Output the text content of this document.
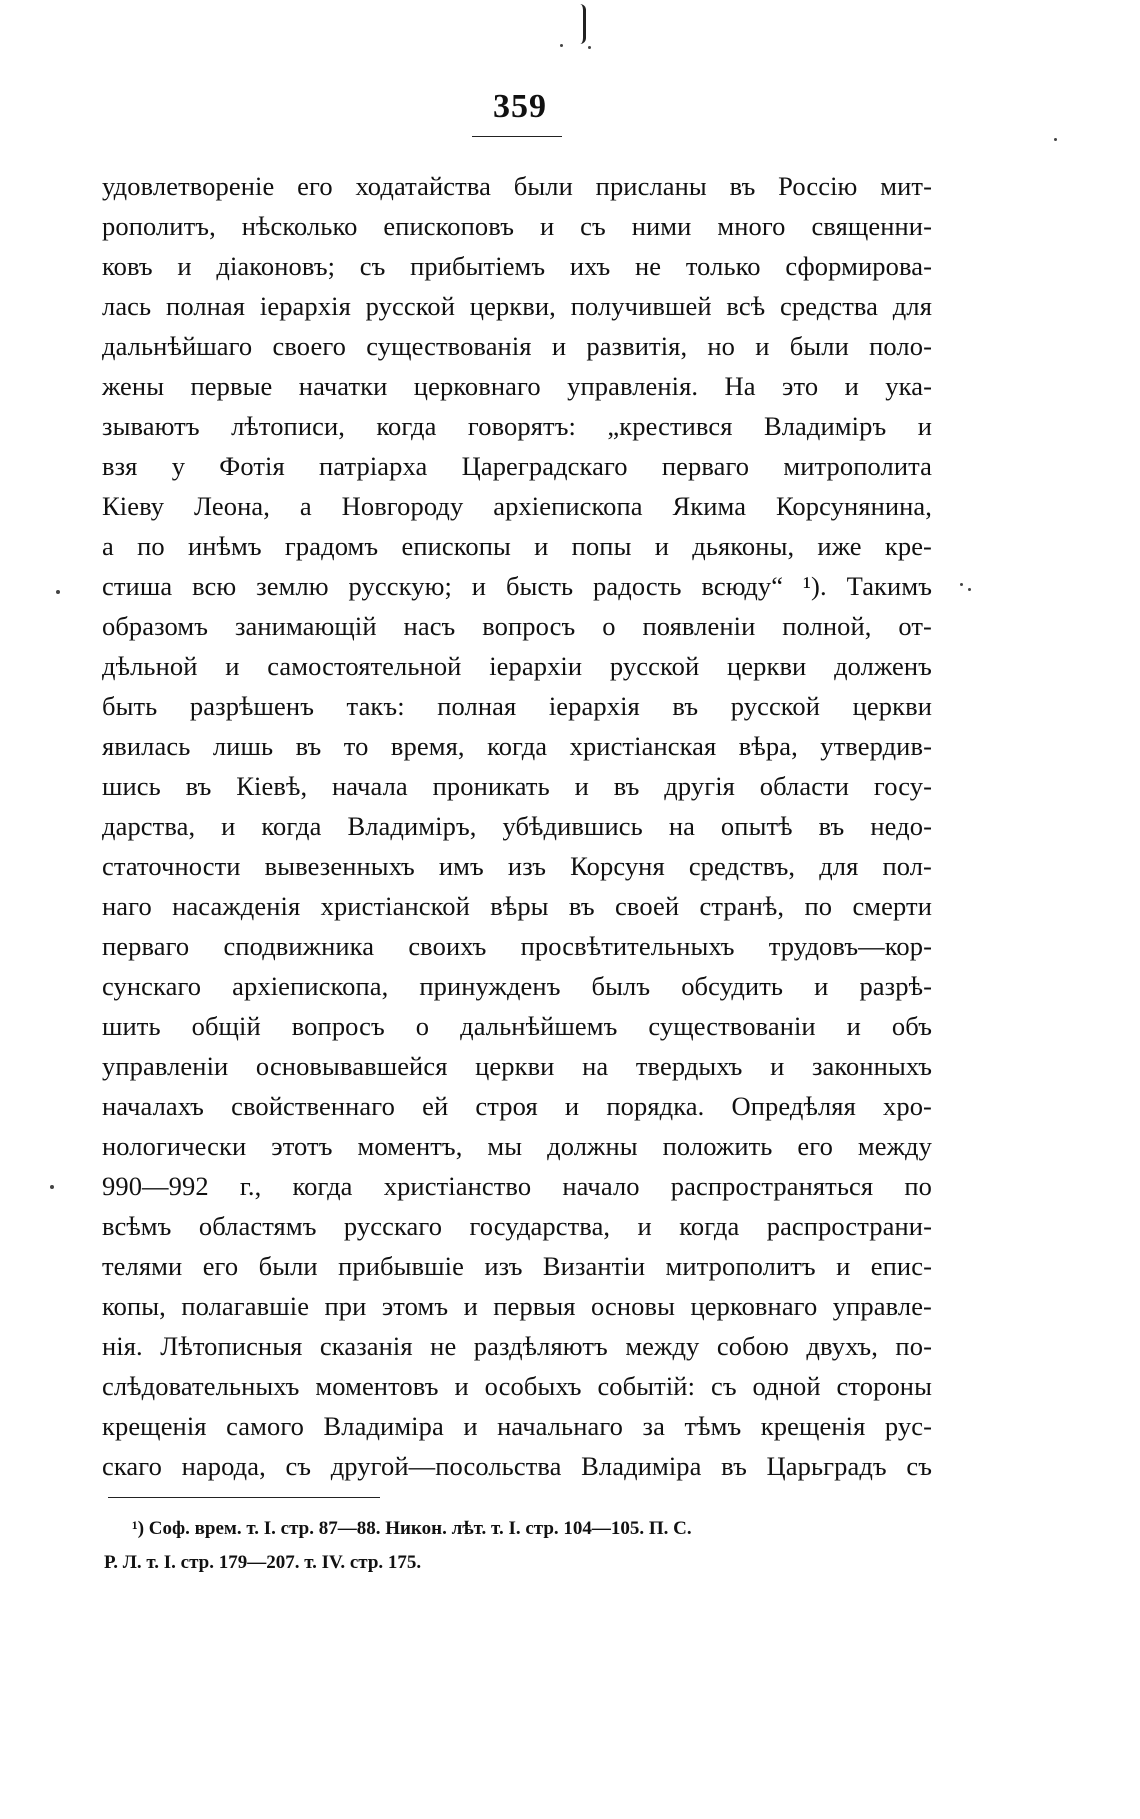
359
удовлетвореніе его ходатайства были присланы въ Россію мит-
рополитъ, нѣсколько епископовъ и съ ними много священни-
ковъ и діаконовъ; съ прибытіемъ ихъ не только сформирова-
лась полная іерархія русской церкви, получившей всѣ средства для
дальнѣйшаго своего существованія и развитія, но и были поло-
жены первые начатки церковнаго управленія. На это и ука-
зываютъ лѣтописи, когда говорятъ: „крестився Владиміръ и
взя у Фотія патріарха Цареградскаго перваго митрополита
Кіеву Леона, а Новгороду архіепископа Якима Корсунянина,
а по инѣмъ градомъ епископы и попы и дьяконы, иже кре-
стиша всю землю русскую; и бысть радость всюду“ ¹). Такимъ
образомъ занимающій насъ вопросъ о появленіи полной, от-
дѣльной и самостоятельной іерархіи русской церкви долженъ
быть разрѣшенъ такъ: полная іерархія въ русской церкви
явилась лишь въ то время, когда христіанская вѣра, утвердив-
шись въ Кіевѣ, начала проникать и въ другія области госу-
дарства, и когда Владиміръ, убѣдившись на опытѣ въ недо-
статочности вывезенныхъ имъ изъ Корсуня средствъ, для пол-
наго насажденія христіанской вѣры въ своей странѣ, по смерти
перваго сподвижника своихъ просвѣтительныхъ трудовъ—кор-
сунскаго архіепископа, принужденъ былъ обсудить и разрѣ-
шить общій вопросъ о дальнѣйшемъ существованіи и объ
управленіи основывавшейся церкви на твердыхъ и законныхъ
началахъ свойственнаго ей строя и порядка. Опредѣляя хро-
нологически этотъ моментъ, мы должны положить его между
990—992 г., когда христіанство начало распространяться по
всѣмъ областямъ русскаго государства, и когда распространи-
телями его были прибывшіе изъ Византіи митрополитъ и епис-
копы, полагавшіе при этомъ и первыя основы церковнаго управле-
нія. Лѣтописныя сказанія не раздѣляютъ между собою двухъ, по-
слѣдовательныхъ моментовъ и особыхъ событій: съ одной стороны
крещенія самого Владиміра и начальнаго за тѣмъ крещенія рус-
скаго народа, съ другой—посольства Владиміра въ Царьградъ съ
¹) Соф. врем. т. I. стр. 87—88. Никон. лѣт. т. I. стр. 104—105. П. С.
Р. Л. т. I. стр. 179—207. т. IV. стр. 175.
